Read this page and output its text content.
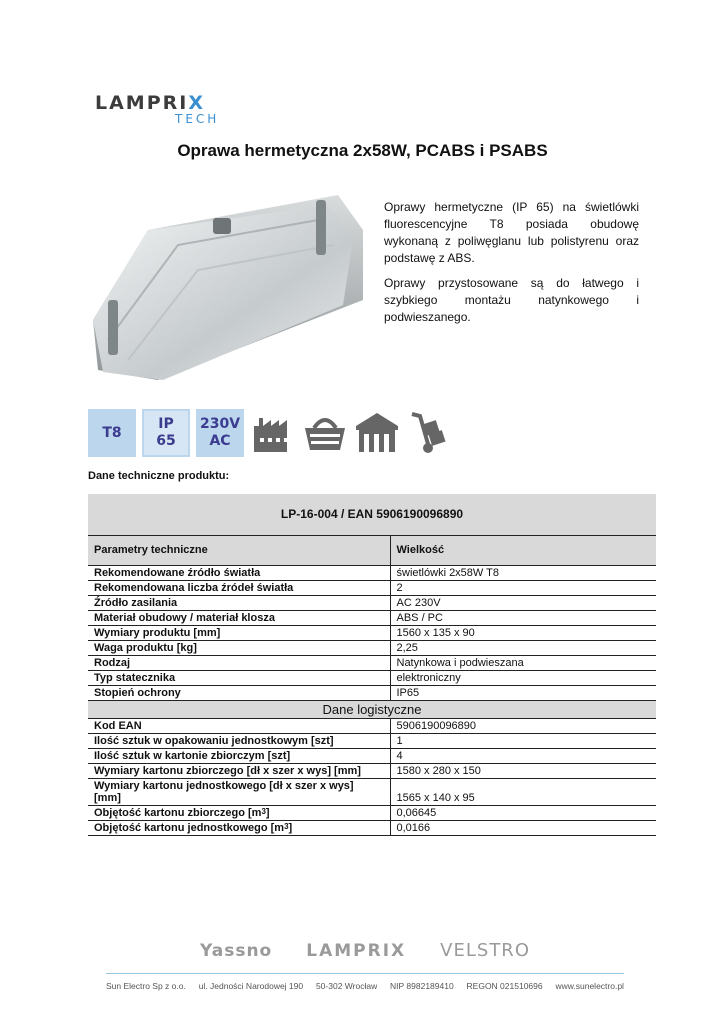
LAMPRIX
TECH
Oprawa hermetyczna 2x58W, PCABS i PSABS

Oprawy hermetyczne (IP 65) na świetlówki fluorescencyjne T8 posiada obudowę wykonaną z poliwęglanu lub polistyrenu oraz podstawę z ABS.

Oprawy przystosowane są do łatwego i szybkiego montażu natynkowego i podwieszanego.

T8
IP
65
230V
AC
Dane techniczne produktu:
LP-16-004 / EAN 5906190096890	
Parametry techniczne	Wielkość
Rekomendowane źródło światła	świetlówki 2x58W T8
Rekomendowana liczba źródeł światła	2
Źródło zasilania	AC 230V
Materiał obudowy / materiał klosza	ABS / PC
Wymiary produktu [mm]	1560 x 135 x 90
Waga produktu [kg]	2,25
Rodzaj	Natynkowa i podwieszana
Typ statecznika	elektroniczny
Stopień ochrony	IP65
Dane logistyczne	
Kod EAN	5906190096890
Ilość sztuk w opakowaniu jednostkowym [szt]	1
Ilość sztuk w kartonie zbiorczym [szt]	4
Wymiary kartonu zbiorczego [dł x szer x wys] [mm]	1580 x 280 x 150
Wymiary kartonu jednostkowego [dł x szer x wys] [mm]	1565 x 140 x 95
Objętość kartonu zbiorczego $[m^3]$	0,06645
Objętość kartonu jednostkowego $[m^3]$	0,0166
Yassno LAMPRIX VELSTRO
Sun Electro Sp z o.o. ul. Jedności Narodowej 190 50-302 Wrocław NIP 8982189410 REGON 021510696 www.sunelectro.pl
